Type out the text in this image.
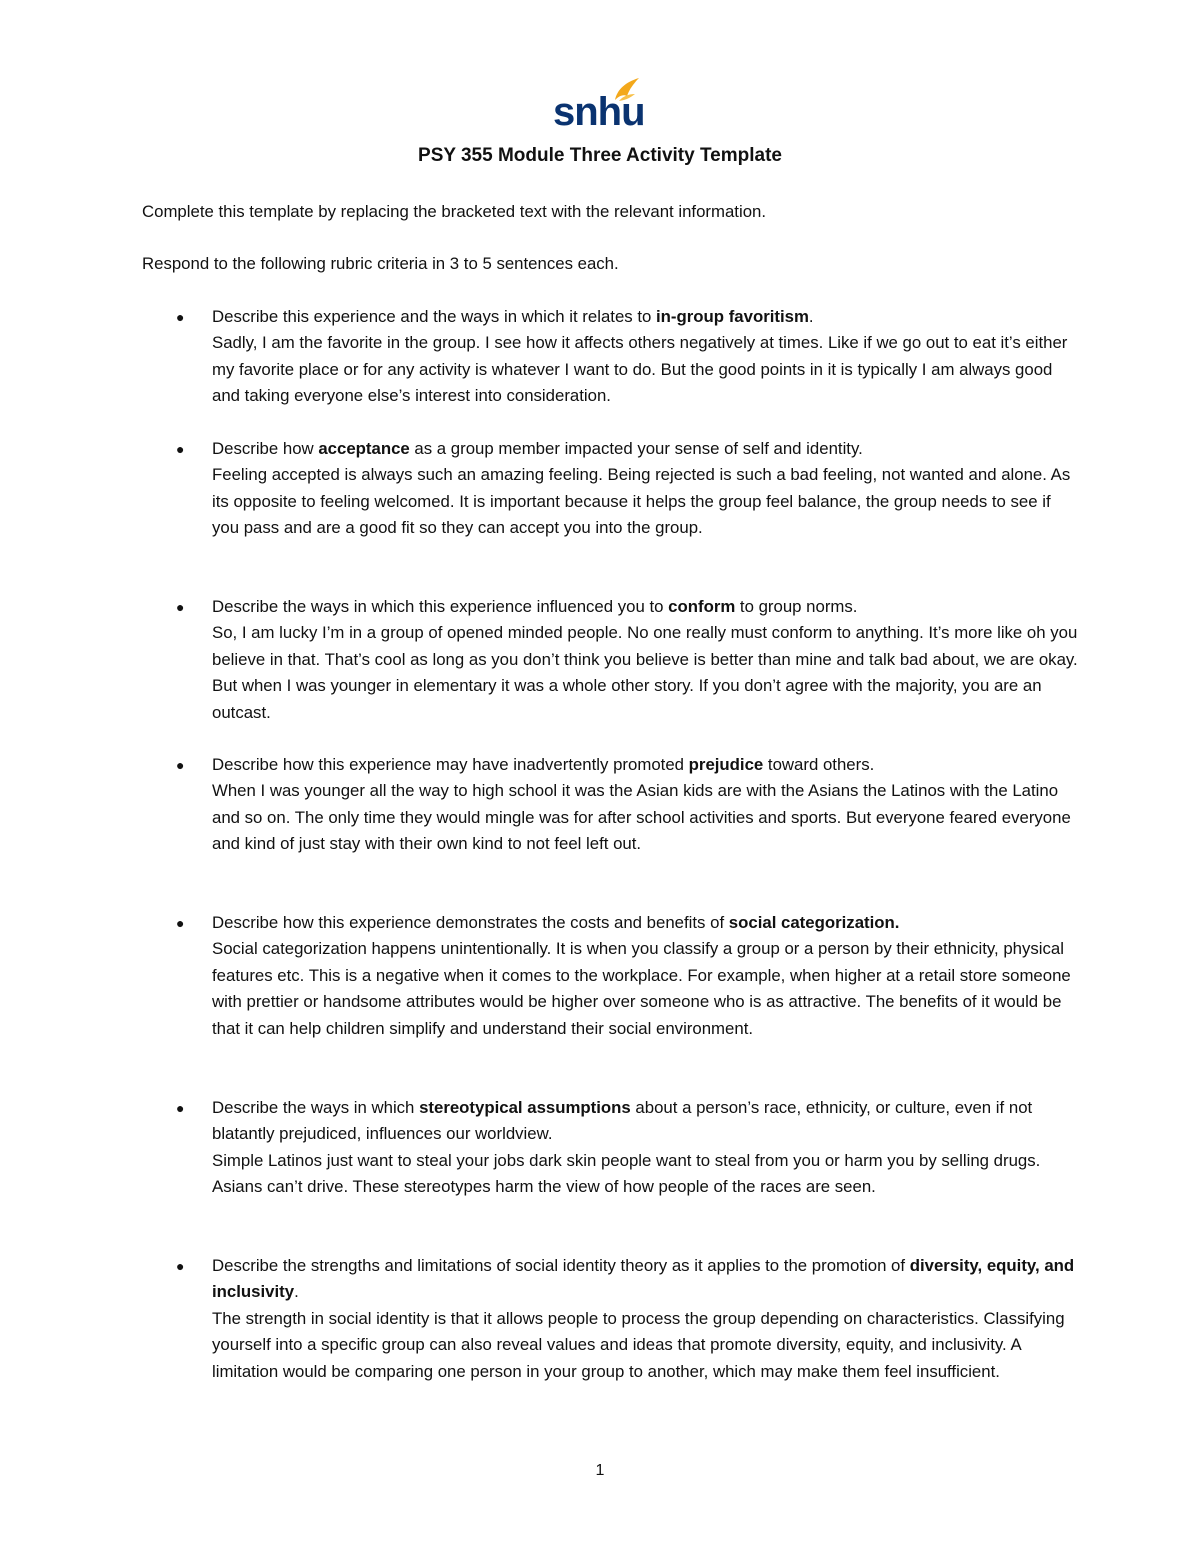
snhu
PSY 355 Module Three Activity Template
Complete this template by replacing the bracketed text with the relevant information.
Respond to the following rubric criteria in 3 to 5 sentences each.
● Describe this experience and the ways in which it relates to in-group favoritism.
Sadly, I am the favorite in the group. I see how it affects others negatively at times. Like if we go out to eat it’s either my favorite place or for any activity is whatever I want to do. But the good points in it is typically I am always good and taking everyone else’s interest into consideration.
● Describe how acceptance as a group member impacted your sense of self and identity.
Feeling accepted is always such an amazing feeling. Being rejected is such a bad feeling, not wanted and alone. As its opposite to feeling welcomed. It is important because it helps the group feel balance, the group needs to see if you pass and are a good fit so they can accept you into the group.
● Describe the ways in which this experience influenced you to conform to group norms.
So, I am lucky I’m in a group of opened minded people. No one really must conform to anything. It’s more like oh you believe in that. That’s cool as long as you don’t think you believe is better than mine and talk bad about, we are okay. But when I was younger in elementary it was a whole other story. If you don’t agree with the majority, you are an outcast.
● Describe how this experience may have inadvertently promoted prejudice toward others.
When I was younger all the way to high school it was the Asian kids are with the Asians the Latinos with the Latino and so on. The only time they would mingle was for after school activities and sports. But everyone feared everyone and kind of just stay with their own kind to not feel left out.
● Describe how this experience demonstrates the costs and benefits of social categorization.
Social categorization happens unintentionally. It is when you classify a group or a person by their ethnicity, physical features etc. This is a negative when it comes to the workplace. For example, when higher at a retail store someone with prettier or handsome attributes would be higher over someone who is as attractive. The benefits of it would be that it can help children simplify and understand their social environment.
● Describe the ways in which stereotypical assumptions about a person’s race, ethnicity, or culture, even if not blatantly prejudiced, influences our worldview.
Simple Latinos just want to steal your jobs dark skin people want to steal from you or harm you by selling drugs. Asians can’t drive. These stereotypes harm the view of how people of the races are seen.
● Describe the strengths and limitations of social identity theory as it applies to the promotion of diversity, equity, and inclusivity.
The strength in social identity is that it allows people to process the group depending on characteristics. Classifying yourself into a specific group can also reveal values and ideas that promote diversity, equity, and inclusivity. A limitation would be comparing one person in your group to another, which may make them feel insufficient.
1
